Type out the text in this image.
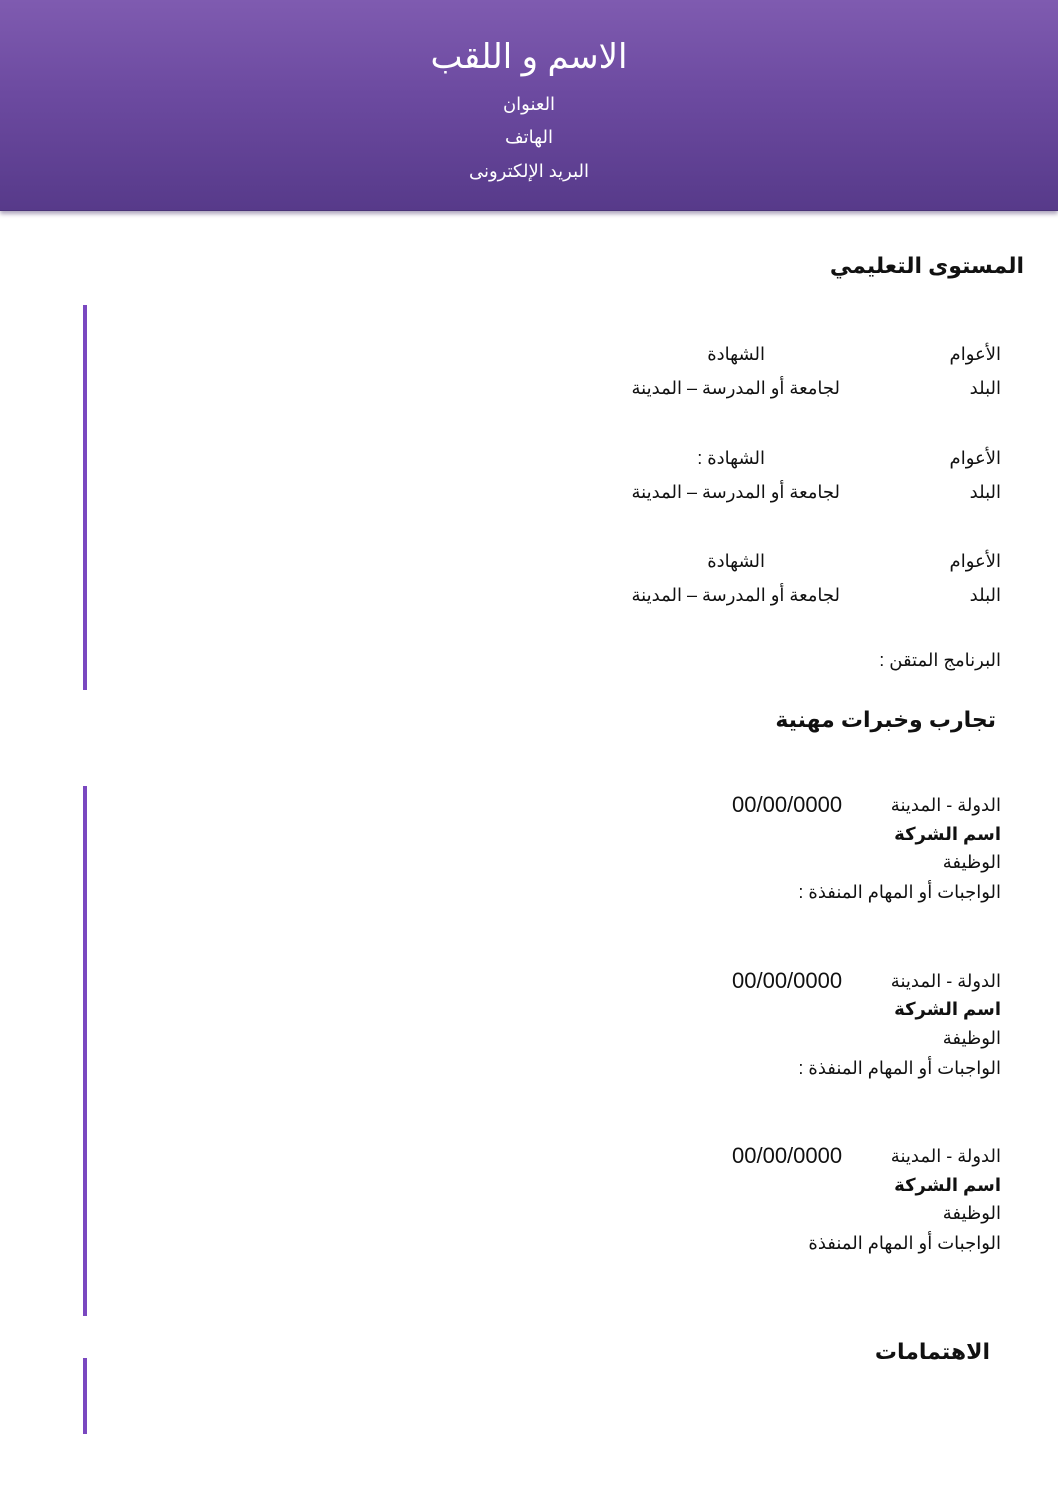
الاسم و اللقب
العنوان
الهاتف
البريد الإلكترونى
المستوى التعليمي
الأعوام
الشهادة
البلد
لجامعة أو المدرسة – المدينة
الأعوام
الشهادة :
البلد
لجامعة أو المدرسة – المدينة
الأعوام
الشهادة
البلد
لجامعة أو المدرسة – المدينة
البرنامج المتقن :
تجارب وخبرات مهنية
الدولة - المدينة
00/00/0000
اسم الشركة
الوظيفة
الواجبات أو المهام المنفذة :
الدولة - المدينة
00/00/0000
اسم الشركة
الوظيفة
الواجبات أو المهام المنفذة :
الدولة - المدينة
00/00/0000
اسم الشركة
الوظيفة
الواجبات أو المهام المنفذة
الاهتمامات
